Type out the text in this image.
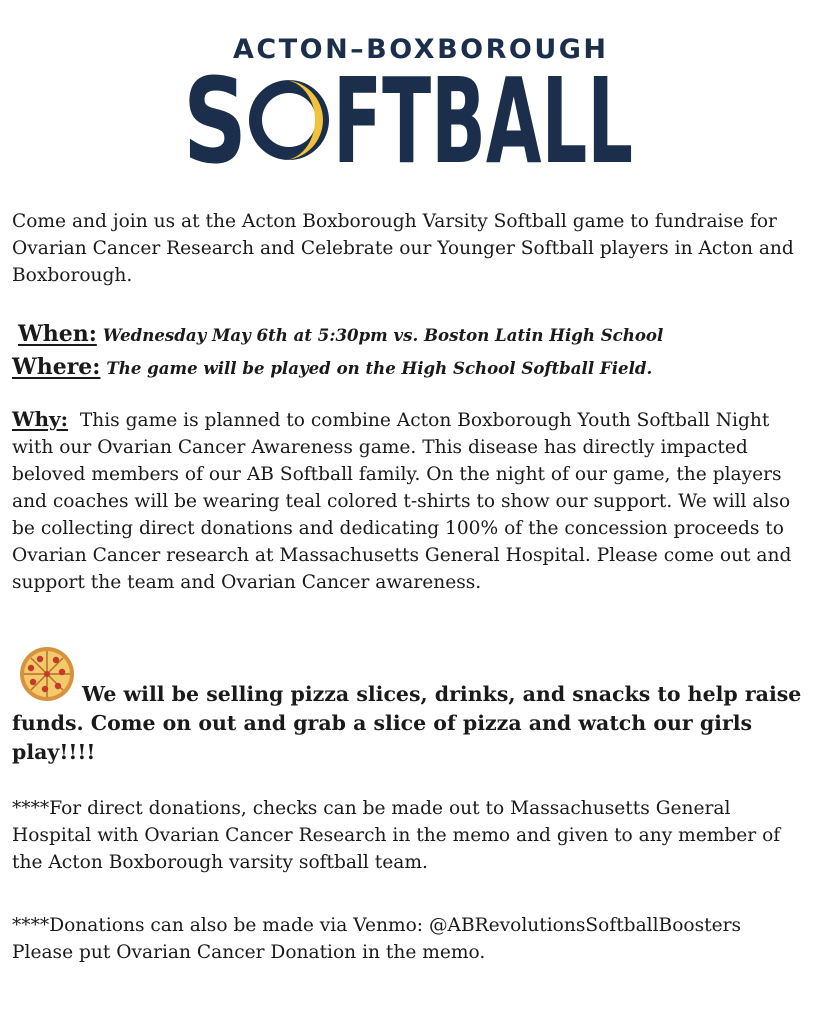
ACTON–BOXBOROUGH
S FTBALL
Come and join us at the Acton Boxborough Varsity Softball game to fundraise for Ovarian Cancer Research and Celebrate our Younger Softball players in Acton and Boxborough.
When: Wednesday May 6th at 5:30pm vs. Boston Latin High School
Where: The game will be played on the High School Softball Field.
Why: This game is planned to combine Acton Boxborough Youth Softball Night with our Ovarian Cancer Awareness game. This disease has directly impacted beloved members of our AB Softball family. On the night of our game, the players and coaches will be wearing teal colored t-shirts to show our support. We will also be collecting direct donations and dedicating 100% of the concession proceeds to Ovarian Cancer research at Massachusetts General Hospital. Please come out and support the team and Ovarian Cancer awareness.
We will be selling pizza slices, drinks, and snacks to help raise funds. Come on out and grab a slice of pizza and watch our girls play!!!!
****For direct donations, checks can be made out to Massachusetts General Hospital with Ovarian Cancer Research in the memo and given to any member of the Acton Boxborough varsity softball team.
****Donations can also be made via Venmo: @ABRevolutionsSoftballBoosters
Please put Ovarian Cancer Donation in the memo.
